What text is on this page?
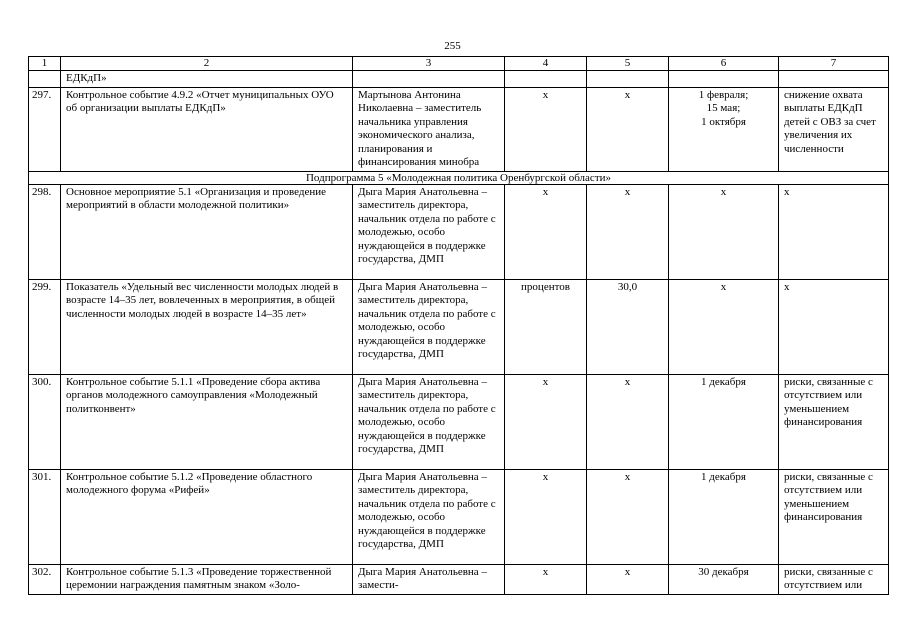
255
1	2	3	4	5	6	7
	ЕДКдП»					
297.	Контрольное событие 4.9.2 «Отчет муниципальных ОУО об организации выплаты ЕДКдП»	Мартынова Антонина Николаевна – заместитель начальника управления экономического анализа, планирования и финансирования минобра	х	х	1 февраля;
15 мая;
1 октября	снижение охвата выплаты ЕДКдП детей с ОВЗ за счет увеличения их численности
Подпрограмма 5 «Молодежная политика Оренбургской области»						
298.	Основное мероприятие 5.1 «Организация и проведение мероприятий в области молодежной политики»	Дыга Мария Анатольевна – заместитель директора, начальник отдела по работе с молодежью, особо нуждающейся в поддержке государства, ДМП	х	х	х	х
299.	Показатель «Удельный вес численности молодых людей в возрасте 14–35 лет, вовлеченных в мероприятия, в общей численности молодых людей в возрасте 14–35 лет»	Дыга Мария Анатольевна – заместитель директора, начальник отдела по работе с молодежью, особо нуждающейся в поддержке государства, ДМП	процентов	30,0	х	х
300.	Контрольное событие 5.1.1 «Проведение сбора актива органов молодежного самоуправления «Молодежный политконвент»	Дыга Мария Анатольевна – заместитель директора, начальник отдела по работе с молодежью, особо нуждающейся в поддержке государства, ДМП	х	х	1 декабря	риски, связанные с отсутствием или уменьшением финансирования
301.	Контрольное событие 5.1.2 «Проведение областного молодежного форума «Рифей»	Дыга Мария Анатольевна – заместитель директора, начальник отдела по работе с молодежью, особо нуждающейся в поддержке государства, ДМП	х	х	1 декабря	риски, связанные с отсутствием или уменьшением финансирования
302.	Контрольное событие 5.1.3 «Проведение торжественной церемонии награждения памятным знаком «Золо-	Дыга Мария Анатольевна – замести-	х	х	30 декабря	риски, связанные с отсутствием или
